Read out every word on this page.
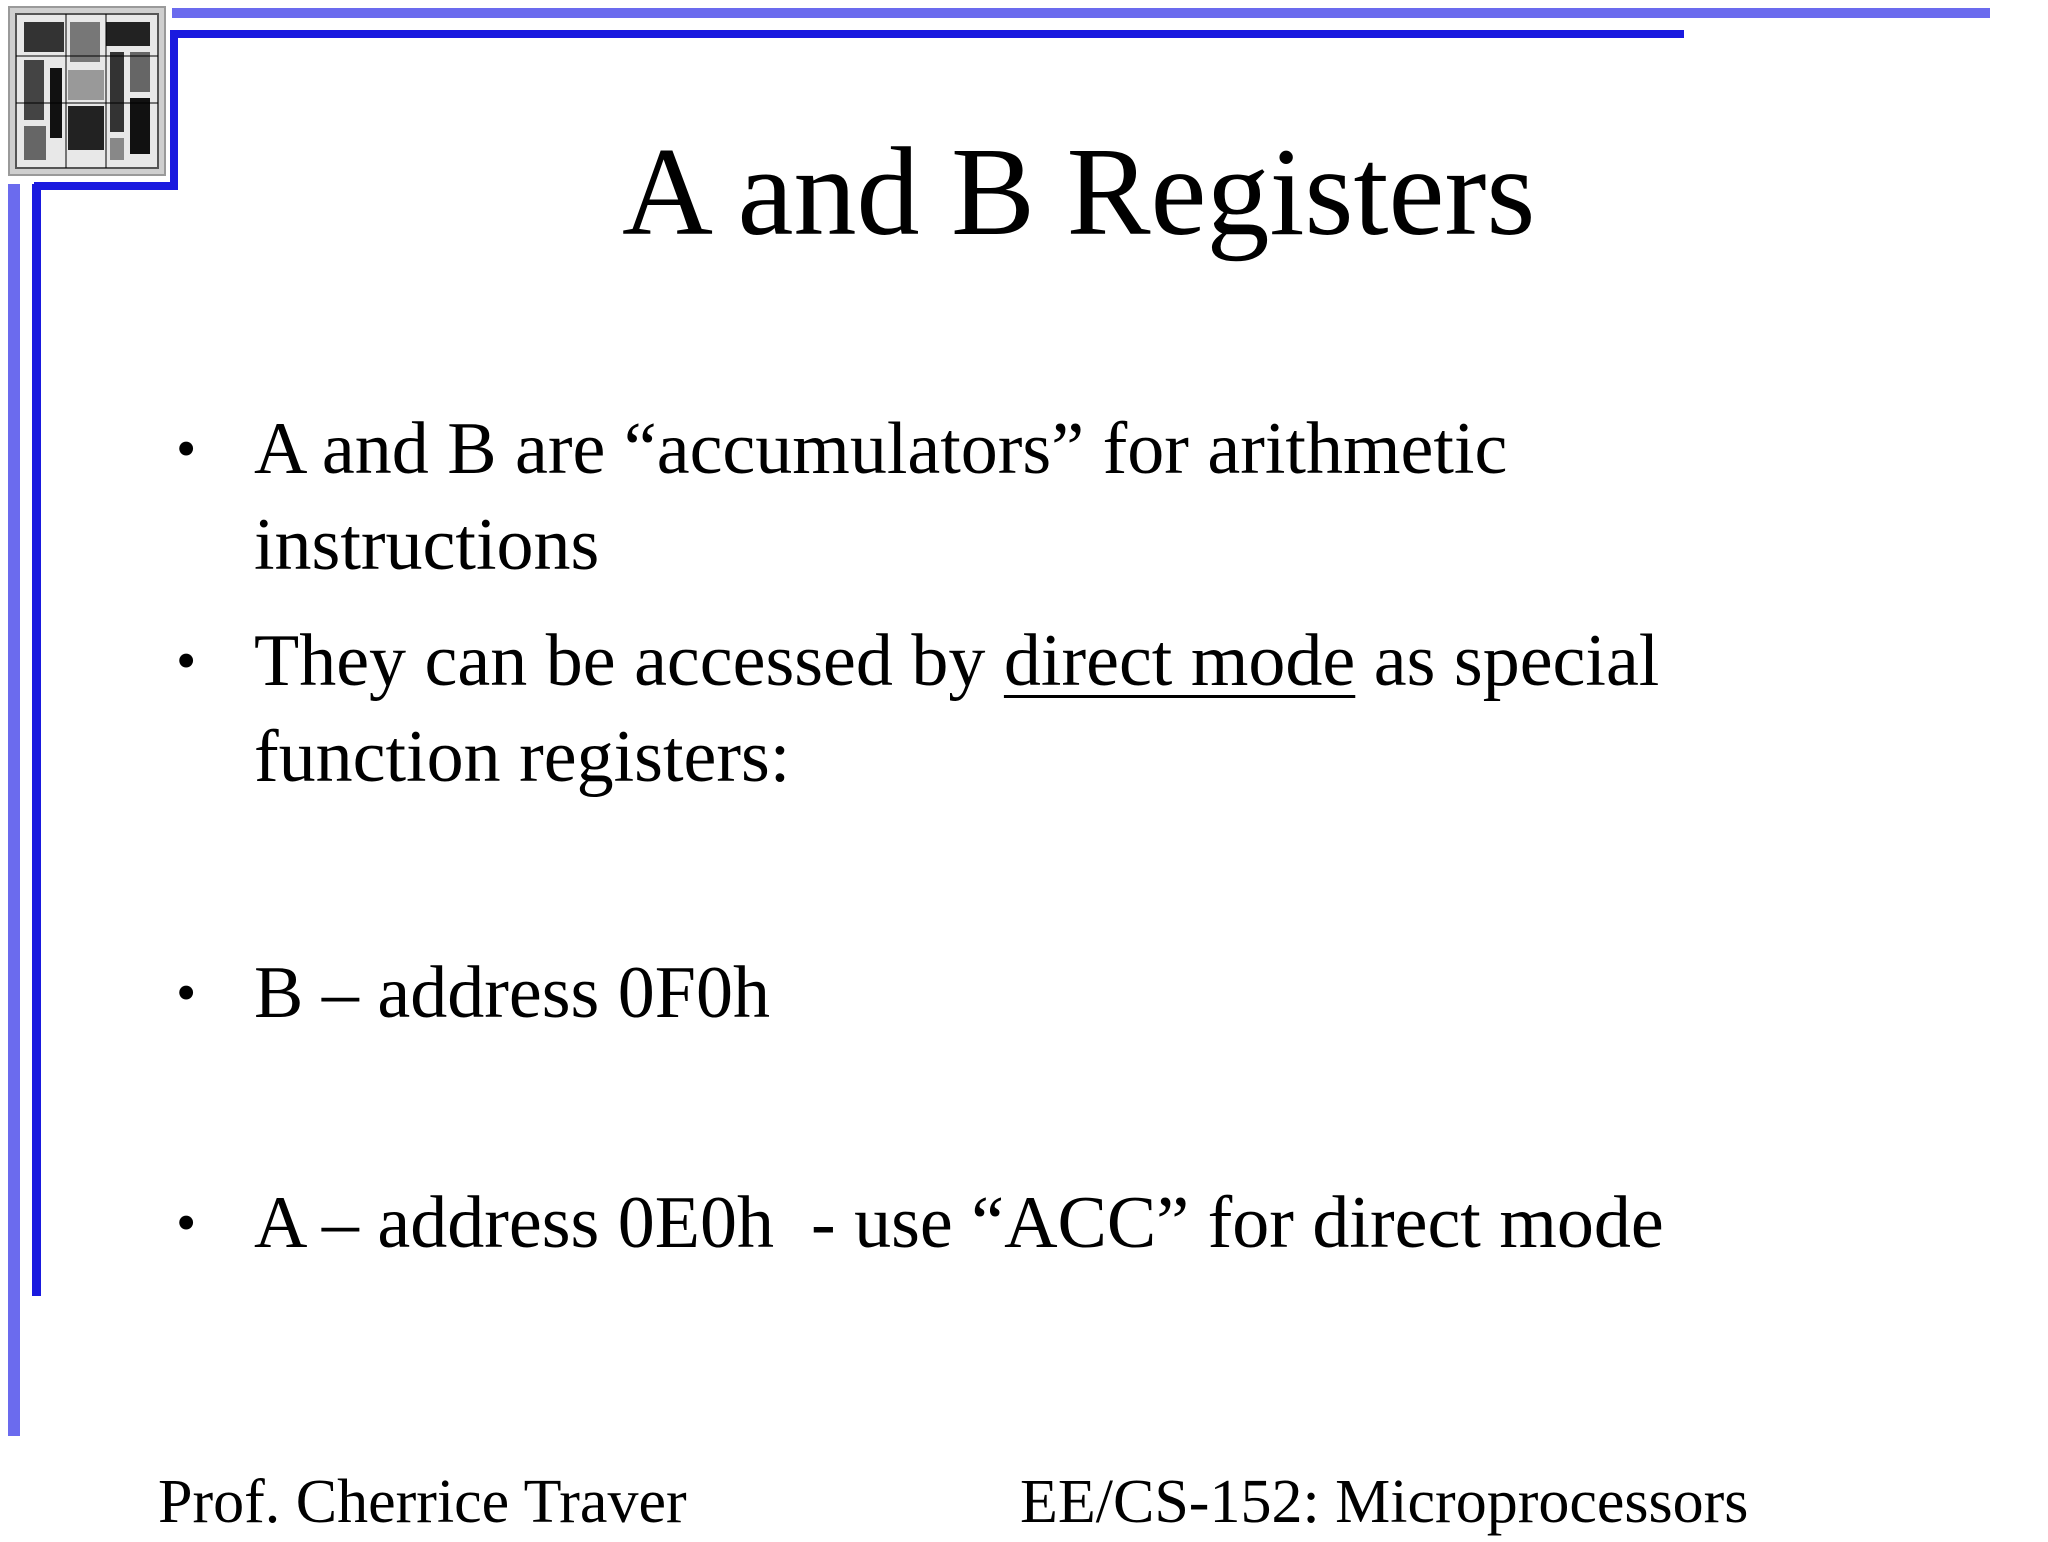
A and B Registers
• A and B are “accumulators” for arithmetic
instructions
• They can be accessed by direct mode as special
function registers:
• B – address 0F0h
• A – address 0E0h  - use “ACC” for direct mode
Prof. Cherrice Traver	EE/CS-152: Microprocessors
